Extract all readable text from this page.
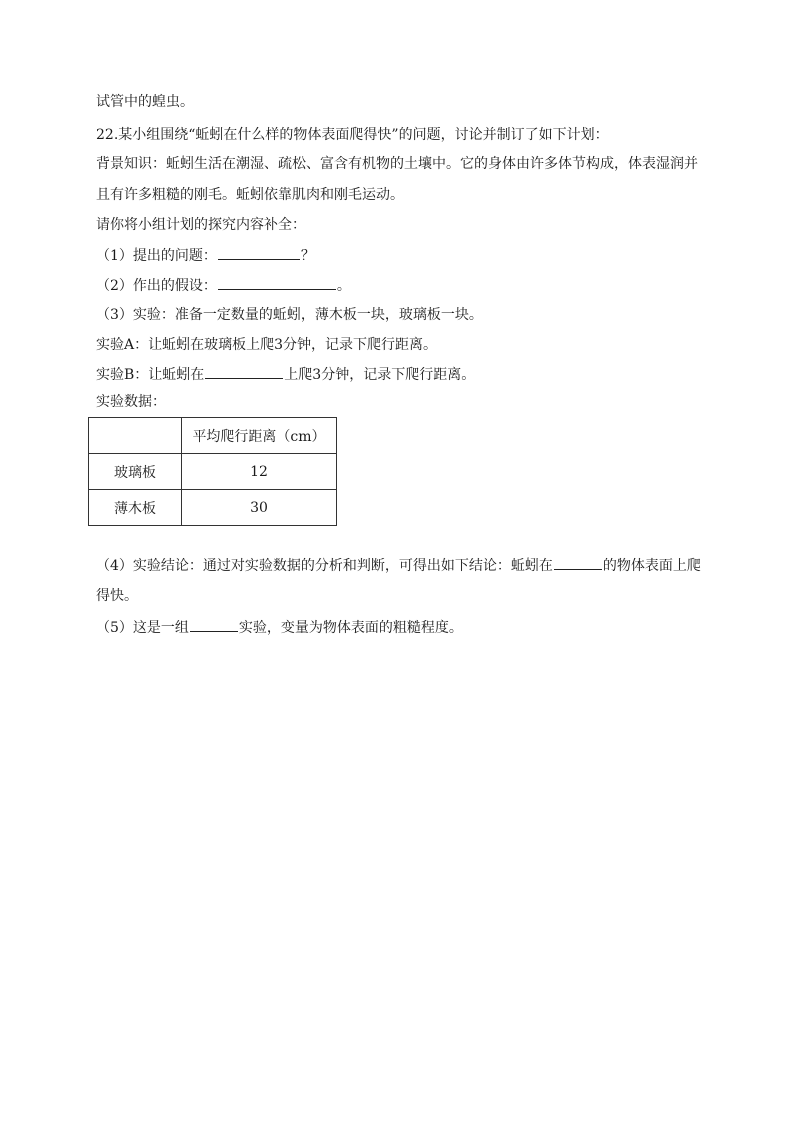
试管中的蝗虫。
22.某小组围绕“蚯蚓在什么样的物体表面爬得快”的问题，讨论并制订了如下计划：
背景知识：蚯蚓生活在潮湿、疏松、富含有机物的土壤中。它的身体由许多体节构成，体表湿润并
且有许多粗糙的刚毛。蚯蚓依靠肌肉和刚毛运动。
请你将小组计划的探究内容补全：
（1）提出的问题：	？
（2）作出的假设：	。
（3）实验：准备一定数量的蚯蚓，薄木板一块，玻璃板一块。
实验A：让蚯蚓在玻璃板上爬3分钟，记录下爬行距离。
实验B：让蚯蚓在	上爬3分钟，记录下爬行距离。
实验数据：
	平均爬行距离（cm）
玻璃板	12
薄木板	30
（4）实验结论：通过对实验数据的分析和判断，可得出如下结论：蚯蚓在	的物体表面上爬
得快。
（5）这是一组	实验，变量为物体表面的粗糙程度。
